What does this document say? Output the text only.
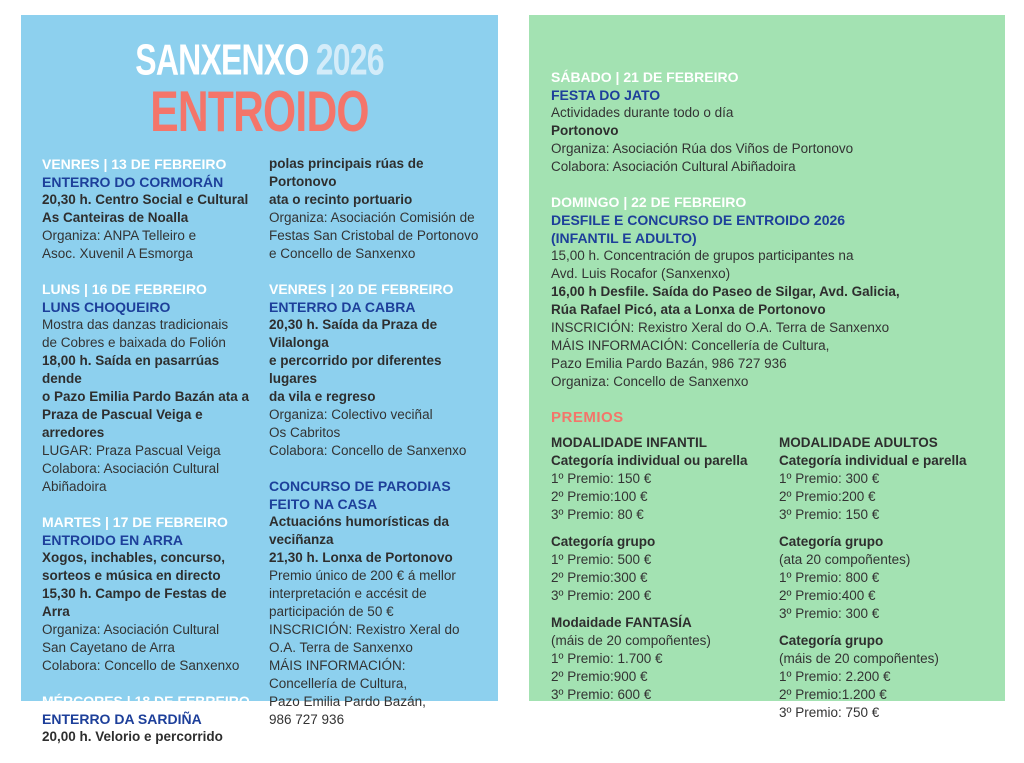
SANXENXO 2026
ENTROIDO
VENRES | 13 DE FEBREIRO
ENTERRO DO CORMORÁN
20,30 h. Centro Social e Cultural
As Canteiras de Noalla
Organiza: ANPA Telleiro e
Asoc. Xuvenil A Esmorga
LUNS | 16 DE FEBREIRO
LUNS CHOQUEIRO
Mostra das danzas tradicionais
de Cobres e baixada do Folión
18,00 h. Saída en pasarrúas dende
o Pazo Emilia Pardo Bazán ata a
Praza de Pascual Veiga e arredores
LUGAR: Praza Pascual Veiga
Colabora: Asociación Cultural
Abiñadoira
MARTES | 17 DE FEBREIRO
ENTROIDO EN ARRA
Xogos, inchables, concurso,
sorteos e música en directo
15,30 h. Campo de Festas de Arra
Organiza: Asociación Cultural
San Cayetano de Arra
Colabora: Concello de Sanxenxo
MÉRCORES | 18 DE FEBREIRO
ENTERRO DA SARDIÑA
20,00 h. Velorio e percorrido
polas principais rúas de Portonovo
ata o recinto portuario
Organiza: Asociación Comisión de
Festas San Cristobal de Portonovo
e Concello de Sanxenxo
VENRES | 20 DE FEBREIRO
ENTERRO DA CABRA
20,30 h. Saída da Praza de Vilalonga
e percorrido por diferentes lugares
da vila e regreso
Organiza: Colectivo veciñal
Os Cabritos
Colabora: Concello de Sanxenxo
CONCURSO DE PARODIAS
FEITO NA CASA
Actuacións humorísticas da
veciñanza
21,30 h. Lonxa de Portonovo
Premio único de 200 € á mellor
interpretación e accésit de
participación de 50 €
INSCRICIÓN: Rexistro Xeral do
O.A. Terra de Sanxenxo
MÁIS INFORMACIÓN:
Concellería de Cultura,
Pazo Emilia Pardo Bazán,
986 727 936
SÁBADO | 21 DE FEBREIRO
FESTA DO JATO
Actividades durante todo o día
Portonovo
Organiza: Asociación Rúa dos Viños de Portonovo
Colabora: Asociación Cultural Abiñadoira
DOMINGO | 22 DE FEBREIRO
DESFILE E CONCURSO DE ENTROIDO 2026
(INFANTIL E ADULTO)
15,00 h. Concentración de grupos participantes na
Avd. Luis Rocafor (Sanxenxo)
16,00 h Desfile. Saída do Paseo de Silgar, Avd. Galicia,
Rúa Rafael Picó, ata a Lonxa de Portonovo
INSCRICIÓN: Rexistro Xeral do O.A. Terra de Sanxenxo
MÁIS INFORMACIÓN: Concellería de Cultura,
Pazo Emilia Pardo Bazán, 986 727 936
Organiza: Concello de Sanxenxo
PREMIOS
MODALIDADE INFANTIL
Categoría individual ou parella
1º Premio: 150 €
2º Premio:100 €
3º Premio: 80 €
Categoría grupo
1º Premio: 500 €
2º Premio:300 €
3º Premio: 200 €
Modaidade FANTASÍA
(máis de 20 compoñentes)
1º Premio: 1.700 €
2º Premio:900 €
3º Premio: 600 €
MODALIDADE ADULTOS
Categoría individual e parella
1º Premio: 300 €
2º Premio:200 €
3º Premio: 150 €
Categoría grupo
(ata 20 compoñentes)
1º Premio: 800 €
2º Premio:400 €
3º Premio: 300 €
Categoría grupo
(máis de 20 compoñentes)
1º Premio: 2.200 €
2º Premio:1.200 €
3º Premio: 750 €
